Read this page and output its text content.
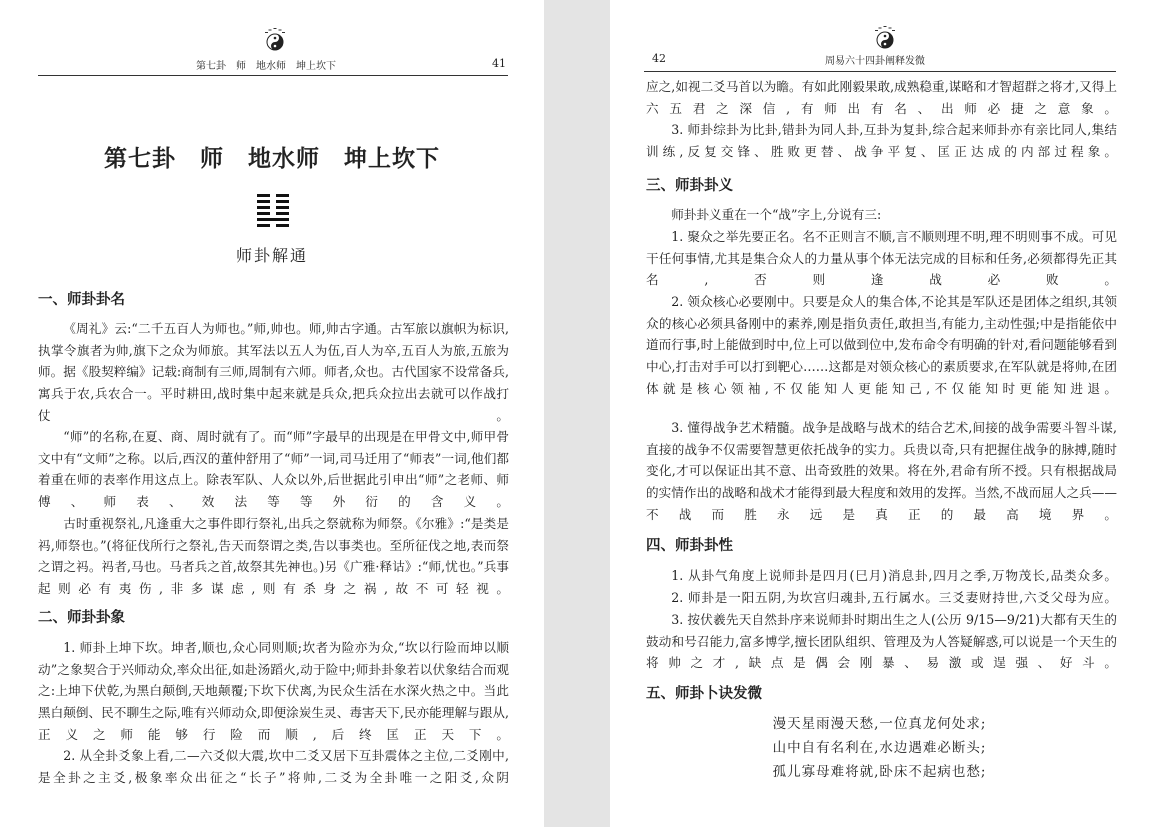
第七卦　师　地水师　坤上坎下	41
第七卦　师　地水师　坤上坎下
师卦解通
一、师卦卦名
《周礼》云:“二千五百人为师也。”师,帅也。师,帅古字通。古军旅以旗帜为标识,执掌令旗者为帅,旗下之众为师旅。其军法以五人为伍,百人为卒,五百人为旅,五旅为师。据《股契粹编》记载:商制有三师,周制有六师。师者,众也。古代国家不设常备兵,寓兵于农,兵农合一。平时耕田,战时集中起来就是兵众,把兵众拉出去就可以作战打仗。
“师”的名称,在夏、商、周时就有了。而“师”字最早的出现是在甲骨文中,师甲骨文中有“文师”之称。以后,西汉的董仲舒用了“师”一词,司马迁用了“师表”一词,他们都着重在师的表率作用这点上。除表军队、人众以外,后世据此引申出“师”之老师、师傅、师表、效法等等外衍的含义。
古时重视祭礼,凡逢重大之事件即行祭礼,出兵之祭就称为师祭。《尔雅》:“是类是祃,师祭也。”(将征伐所行之祭礼,告天而祭谓之类,告以事类也。至所征伐之地,表而祭之谓之祃。祃者,马也。马者兵之首,故祭其先神也。)另《广雅·释诂》:“师,忧也。”兵事起则必有夷伤,非多谋虑,则有杀身之祸,故不可轻视。
二、师卦卦象
1. 师卦上坤下坎。坤者,顺也,众心同则顺;坎者为险亦为众,“坎以行险而坤以顺动”之象契合于兴师动众,率众出征,如赴汤蹈火,动于险中;师卦卦象若以伏象结合而观之:上坤下伏乾,为黑白颠倒,天地颠覆;下坎下伏离,为民众生活在水深火热之中。当此黑白颠倒、民不聊生之际,唯有兴师动众,即便涂炭生灵、毒害天下,民亦能理解与跟从,正义之师能够行险而顺,后终匡正天下。
2. 从全卦爻象上看,二—六爻似大震,坎中二爻又居下互卦震体之主位,二爻刚中,是全卦之主爻,极象率众出征之“长子”将帅,二爻为全卦唯一之阳爻,众阴
42	周易六十四卦阐释发微
应之,如视二爻马首以为瞻。有如此刚毅果敢,成熟稳重,谋略和才智超群之将才,又得上六五君之深信,有师出有名、出师必捷之意象。
3. 师卦综卦为比卦,错卦为同人卦,互卦为复卦,综合起来师卦亦有亲比同人,集结训练,反复交锋、胜败更替、战争平复、匡正达成的内部过程象。
三、师卦卦义
师卦卦义重在一个“战”字上,分说有三:
1. 聚众之举先要正名。名不正则言不顺,言不顺则理不明,理不明则事不成。可见干任何事情,尤其是集合众人的力量从事个体无法完成的目标和任务,必须都得先正其名,否则逢战必败。
2. 领众核心必要刚中。只要是众人的集合体,不论其是军队还是团体之组织,其领众的核心必须具备刚中的素养,刚是指负责任,敢担当,有能力,主动性强;中是指能依中道而行事,时上能做到时中,位上可以做到位中,发布命令有明确的针对,看问题能够看到中心,打击对手可以打到靶心……这都是对领众核心的素质要求,在军队就是将帅,在团体就是核心领袖,不仅能知人更能知己,不仅能知时更能知进退。
3. 懂得战争艺术精髓。战争是战略与战术的结合艺术,间接的战争需要斗智斗谋,直接的战争不仅需要智慧更依托战争的实力。兵贵以奇,只有把握住战争的脉搏,随时变化,才可以保证出其不意、出奇致胜的效果。将在外,君命有所不授。只有根据战局的实情作出的战略和战术才能得到最大程度和效用的发挥。当然,不战而屈人之兵——不战而胜永远是真正的最高境界。
四、师卦卦性
1. 从卦气角度上说师卦是四月(巳月)消息卦,四月之季,万物茂长,品类众多。
2. 师卦是一阳五阴,为坎宫归魂卦,五行属水。三爻妻财持世,六爻父母为应。
3. 按伏羲先天自然卦序来说师卦时期出生之人(公历 9/15—9/21)大都有天生的鼓动和号召能力,富多博学,擅长团队组织、管理及为人答疑解惑,可以说是一个天生的将帅之才,缺点是偶会刚暴、易激或逞强、好斗。
五、师卦卜诀发微
漫天星雨漫天愁,一位真龙何处求;
山中自有名利在,水边遇难必断头;
孤儿寡母难将就,卧床不起病也愁;
